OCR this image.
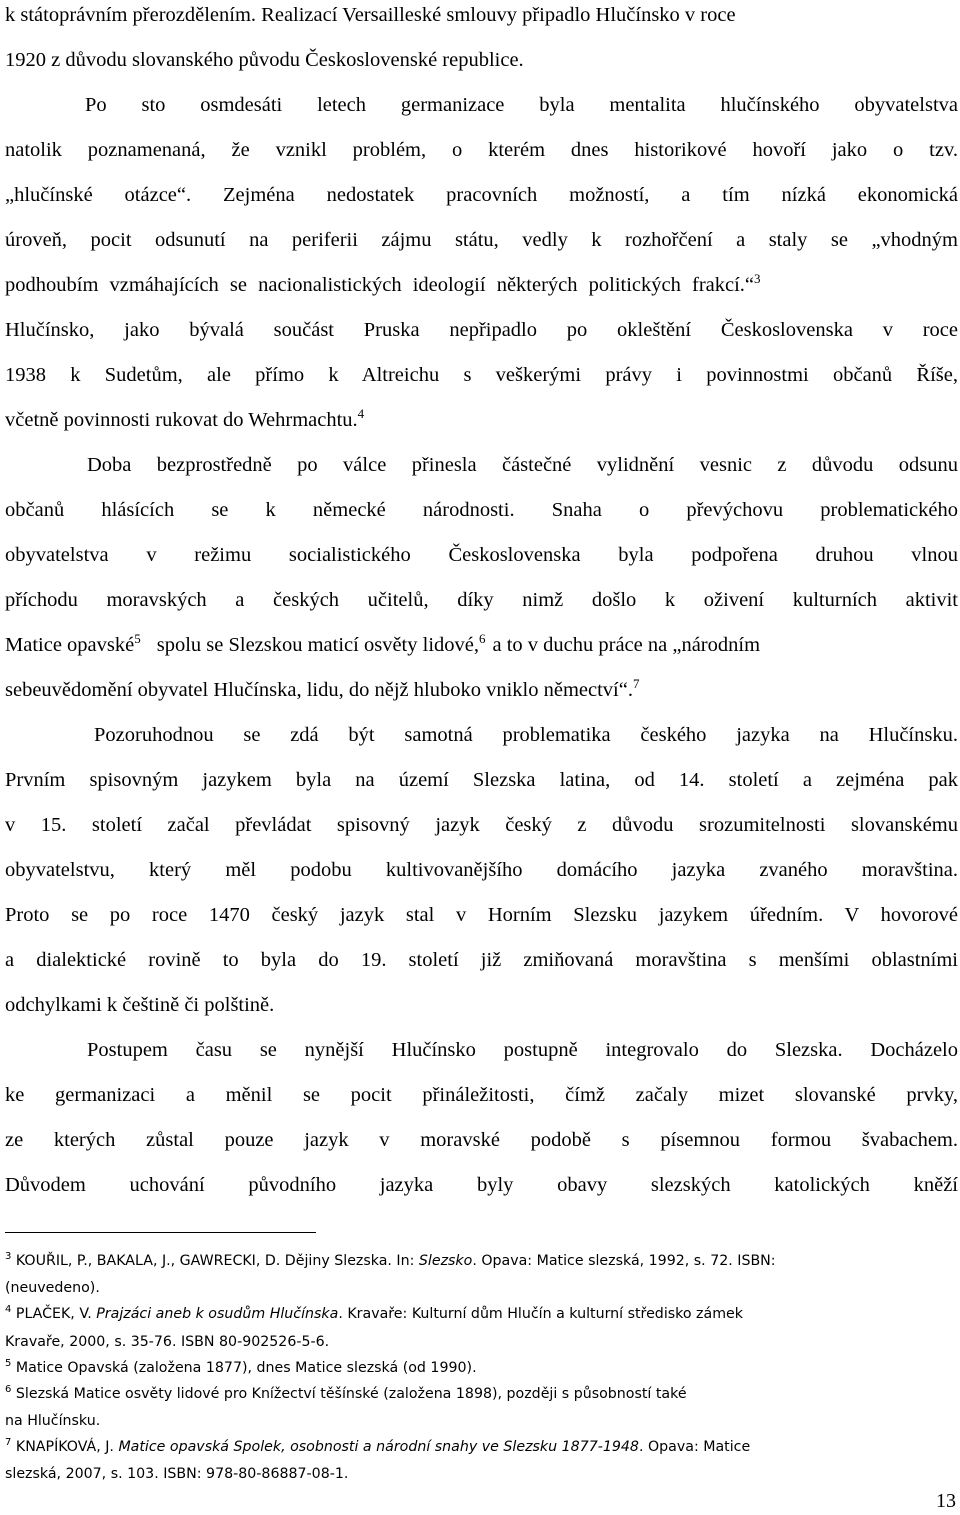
k státoprávním přerozdělením. Realizací Versailleské smlouvy připadlo Hlučínsko v roce
1920 z důvodu slovanského původu Československé republice.
Po sto osmdesáti letech germanizace byla mentalita hlučínského obyvatelstva
natolik poznamenaná, že vznikl problém, o kterém dnes historikové hovoří jako o tzv.
„hlučínské otázce“. Zejména nedostatek pracovních možností, a tím nízká ekonomická
úroveň, pocit odsunutí na periferii zájmu státu, vedly k rozhořčení a staly se „vhodným
podhoubím vzmáhajících se nacionalistických ideologií některých politických frakcí.“$^3$
Hlučínsko, jako bývalá součást Pruska nepřipadlo po okleštění Československa v roce
1938 k Sudetům, ale přímo k Altreichu s veškerými právy i povinnostmi občanů Říše,
včetně povinnosti rukovat do Wehrmachtu.$^4$
Doba bezprostředně po válce přinesla částečné vylidnění vesnic z důvodu odsunu
občanů hlásících se k německé národnosti. Snaha o převýchovu problematického
obyvatelstva v režimu socialistického Československa byla podpořena druhou vlnou
příchodu moravských a českých učitelů, díky nimž došlo k oživení kulturních aktivit
Matice opavské$^5$ spolu se Slezskou maticí osvěty lidové,$^6$ a to v duchu práce na „národním
sebeuvědomění obyvatel Hlučínska, lidu, do nějž hluboko vniklo němectví“.$^7$
Pozoruhodnou se zdá být samotná problematika českého jazyka na Hlučínsku.
Prvním spisovným jazykem byla na území Slezska latina, od 14. století a zejména pak
v 15. století začal převládat spisovný jazyk český z důvodu srozumitelnosti slovanskému
obyvatelstvu, který měl podobu kultivovanějšího domácího jazyka zvaného moravština.
Proto se po roce 1470 český jazyk stal v Horním Slezsku jazykem úředním. V hovorové
a dialektické rovině to byla do 19. století již zmiňovaná moravština s menšími oblastními
odchylkami k češtině či polštině.
Postupem času se nynější Hlučínsko postupně integrovalo do Slezska. Docházelo
ke germanizaci a měnil se pocit přináležitosti, čímž začaly mizet slovanské prvky,
ze kterých zůstal pouze jazyk v moravské podobě s písemnou formou švabachem.
Důvodem uchování původního jazyka byly obavy slezských katolických kněží
$^3$ KOUŘIL, P., BAKALA, J., GAWRECKI, D. Dějiny Slezska. In: Slezsko. Opava: Matice slezská, 1992, s. 72. ISBN:
(neuvedeno).
$^4$ PLAČEK, V. Prajzáci aneb k osudům Hlučínska. Kravaře: Kulturní dům Hlučín a kulturní středisko zámek
Kravaře, 2000, s. 35-76. ISBN 80-902526-5-6.
$^5$ Matice Opavská (založena 1877), dnes Matice slezská (od 1990).
$^6$ Slezská Matice osvěty lidové pro Knížectví těšínské (založena 1898), později s působností také
na Hlučínsku.
$^7$ KNAPÍKOVÁ, J. Matice opavská Spolek, osobnosti a národní snahy ve Slezsku 1877-1948. Opava: Matice
slezská, 2007, s. 103. ISBN: 978-80-86887-08-1.
13
